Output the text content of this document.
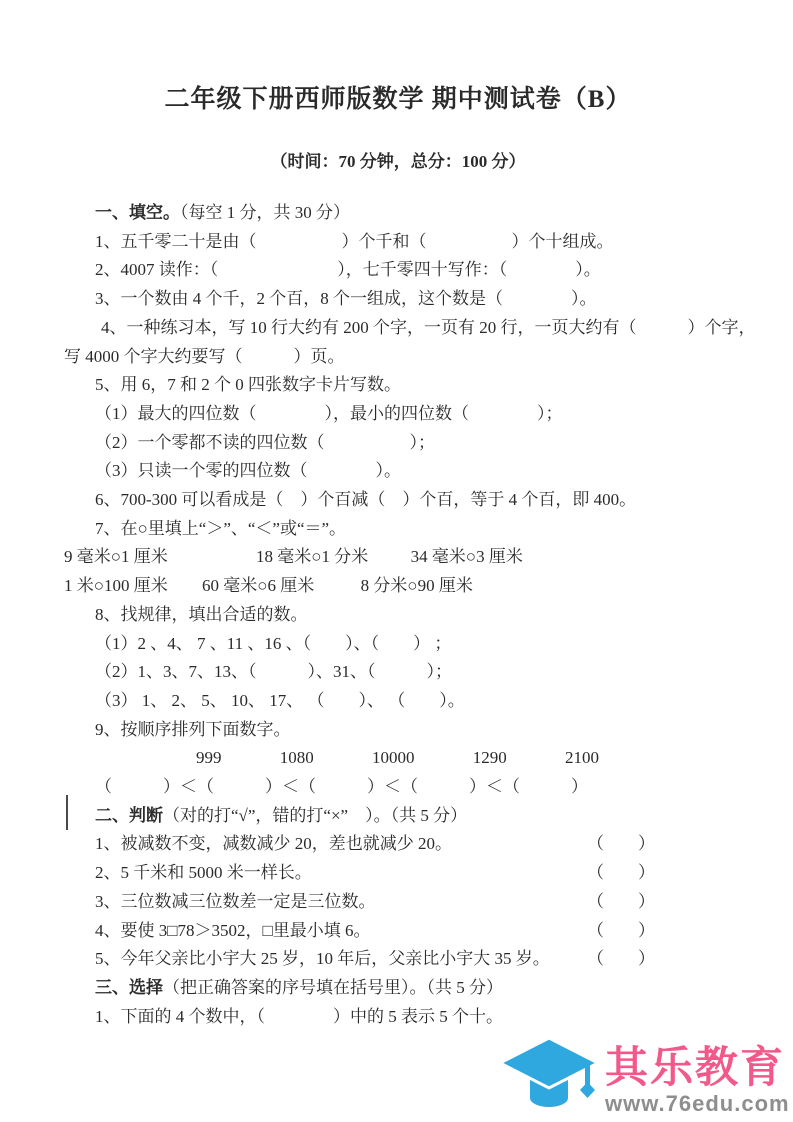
二年级下册西师版数学 期中测试卷（B）
（时间：70 分钟，总分：100 分）
一、填空。（每空 1 分，共 30 分）
1、五千零二十是由（　　　　　）个千和（　　　　　）个十组成。
2、4007 读作：（　　　　　　　），七千零四十写作：（　　　　）。
3、一个数由 4 个千，2 个百，8 个一组成，这个数是（　　　　）。
4、一种练习本，写 10 行大约有 200 个字，一页有 20 行，一页大约有（　　　）个字，
写 4000 个字大约要写（　　　）页。
5、用 6，7 和 2 个 0 四张数字卡片写数。
（1）最大的四位数（　　　　），最小的四位数（　　　　）；
（2）一个零都不读的四位数（　　　　　）；
（3）只读一个零的四位数（　　　　）。
6、700-300 可以看成是（　）个百减（　）个百，等于 4 个百，即 400。
7、在○里填上“＞”、“＜”或“＝”。
9 毫米○1 厘米	18 毫米○1 分米 34 毫米○3 厘米
1 米○100 厘米 60 毫米○6 厘米	8 分米○90 厘米
8、找规律，填出合适的数。
（1）2 、4、 7 、11 、16 、（　　）、（　　） ；
（2）1、3、7、13、（　　　）、31、（　　　）；
（3） 1、 2、 5、 10、 17、 （　　）、 （　　）。
9、按顺序排列下面数字。
999	1080	10000	1290	2100
（　　　）＜（　　　）＜（　　　）＜（　　　）＜（　　　）
二、判断（对的打“√”，错的打“×”　）。（共 5 分）
1、被减数不变，减数减少 20，差也就减少 20。	（　　）
2、5 千米和 5000 米一样长。	（　　）
3、三位数减三位数差一定是三位数。	（　　）
4、要使 3□78＞3502，□里最小填 6。	（　　）
5、今年父亲比小宇大 25 岁，10 年后，父亲比小宇大 35 岁。 （　　）
三、选择（把正确答案的序号填在括号里）。（共 5 分）
1、下面的 4 个数中，（　　　　）中的 5 表示 5 个十。
其乐教育
www.76edu.com
